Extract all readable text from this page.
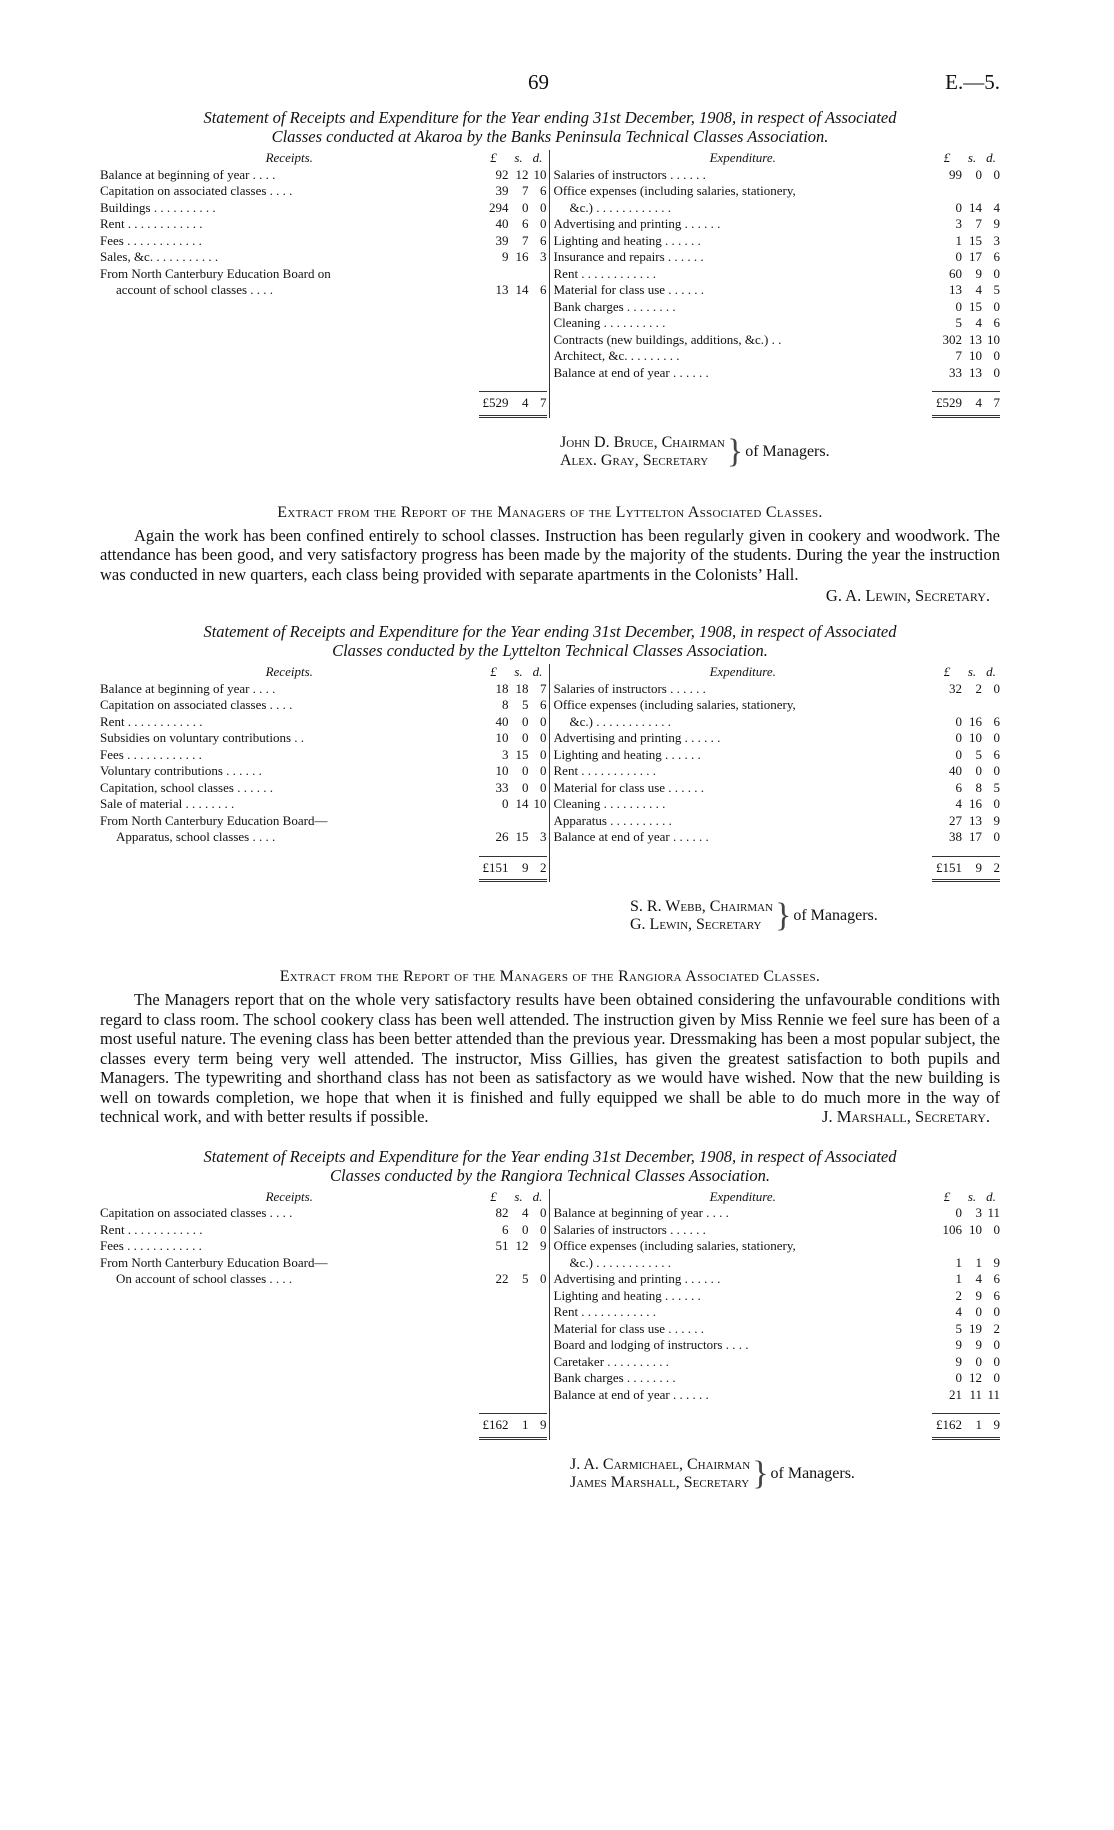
69	E.—5.
Statement of Receipts and Expenditure for the Year ending 31st December, 1908, in respect of Associated
Classes conducted at Akaroa by the Banks Peninsula Technical Classes Association.
Receipts.	£	s. d.
Balance at beginning of year . . . .	92 12 10
Capitation on associated classes . . . .	39	7 6
Buildings . . . . . . . . . .	294	0 0
Rent . . . . . . . . . . . .	40	6 0
Fees . . . . . . . . . . . .	39	7 6
Sales, &c. . . . . . . . . . .	9 16 3
From North Canterbury Education Board on
account of school classes . . . .	13 14 6

£529	4 7
Expenditure.	£	s. d.
Salaries of instructors . . . . . .	99	0 0
Office expenses (including salaries, stationery,
&c.) . . . . . . . . . . . .	0 14 4
Advertising and printing . . . . . .	3	7 9
Lighting and heating . . . . . .	1 15 3
Insurance and repairs . . . . . .	0 17 6
Rent . . . . . . . . . . . .	60	9 0
Material for class use . . . . . .	13	4 5
Bank charges . . . . . . . .	0 15 0
Cleaning . . . . . . . . . .	5	4 6
Contracts (new buildings, additions, &c.) . .	302 13 10
Architect, &c. . . . . . . . .	7 10 0
Balance at end of year . . . . . .	33 13 0
£529	4 7
John D. Bruce, Chairman
Alex. Gray, Secretary } of Managers.
Extract from the Report of the Managers of the Lyttelton Associated Classes.

Again the work has been confined entirely to school classes. Instruction has been regularly given in cookery and woodwork. The attendance has been good, and very satisfactory progress has been made by the majority of the students. During the year the instruction was conducted in new quarters, each class being provided with separate apartments in the Colonists’ Hall.

G. A. Lewin, Secretary.
Statement of Receipts and Expenditure for the Year ending 31st December, 1908, in respect of Associated
Classes conducted by the Lyttelton Technical Classes Association.
Receipts.	£	s. d.
Balance at beginning of year . . . .	18 18 7
Capitation on associated classes . . . .	8	5 6
Rent . . . . . . . . . . . .	40	0 0
Subsidies on voluntary contributions . .	10	0 0
Fees . . . . . . . . . . . .	3 15 0
Voluntary contributions . . . . . .	10	0 0
Capitation, school classes . . . . . .	33	0 0
Sale of material . . . . . . . .	0 14 10
From North Canterbury Education Board—
Apparatus, school classes . . . .	26 15 3
£151	9 2
Expenditure.	£	s. d.
Salaries of instructors . . . . . .	32	2 0
Office expenses (including salaries, stationery,
&c.) . . . . . . . . . . . .	0 16 6
Advertising and printing . . . . . .	0 10 0
Lighting and heating . . . . . .	0	5 6
Rent . . . . . . . . . . . .	40	0 0
Material for class use . . . . . .	6	8 5
Cleaning . . . . . . . . . .	4 16 0
Apparatus . . . . . . . . . .	27 13 9
Balance at end of year . . . . . .	38 17 0
£151	9 2
S. R. Webb, Chairman
G. Lewin, Secretary } of Managers.
Extract from the Report of the Managers of the Rangiora Associated Classes.

The Managers report that on the whole very satisfactory results have been obtained considering the unfavourable conditions with regard to class room. The school cookery class has been well attended. The instruction given by Miss Rennie we feel sure has been of a most useful nature. The evening class has been better attended than the previous year. Dressmaking has been a most popular subject, the classes every term being very well attended. The instructor, Miss Gillies, has given the greatest satisfaction to both pupils and Managers. The typewriting and shorthand class has not been as satisfactory as we would have wished. Now that the new building is well on towards completion, we hope that when it is finished and fully equipped we shall be able to do much more in the way of technical work, and with better results if possible.	J. Marshall, Secretary.

Statement of Receipts and Expenditure for the Year ending 31st December, 1908, in respect of Associated
Classes conducted by the Rangiora Technical Classes Association.
Receipts.	£	s. d.
Capitation on associated classes . . . .	82	4 0
Rent . . . . . . . . . . . .	6	0 0
Fees . . . . . . . . . . . .	51 12 9
From North Canterbury Education Board—
On account of school classes . . . .	22	5 0

£162	1 9
Expenditure.	£	s. d.
Balance at beginning of year . . . .	0	3 11
Salaries of instructors . . . . . .	106 10 0
Office expenses (including salaries, stationery,
&c.) . . . . . . . . . . . .	1	1 9
Advertising and printing . . . . . .	1	4 6
Lighting and heating . . . . . .	2	9 6
Rent . . . . . . . . . . . .	4	0 0
Material for class use . . . . . .	5 19 2
Board and lodging of instructors . . . .	9	9 0
Caretaker . . . . . . . . . .	9	0 0
Bank charges . . . . . . . .	0 12 0
Balance at end of year . . . . . .	21 11 11
£162	1 9
J. A. Carmichael, Chairman
James Marshall, Secretary } of Managers.
